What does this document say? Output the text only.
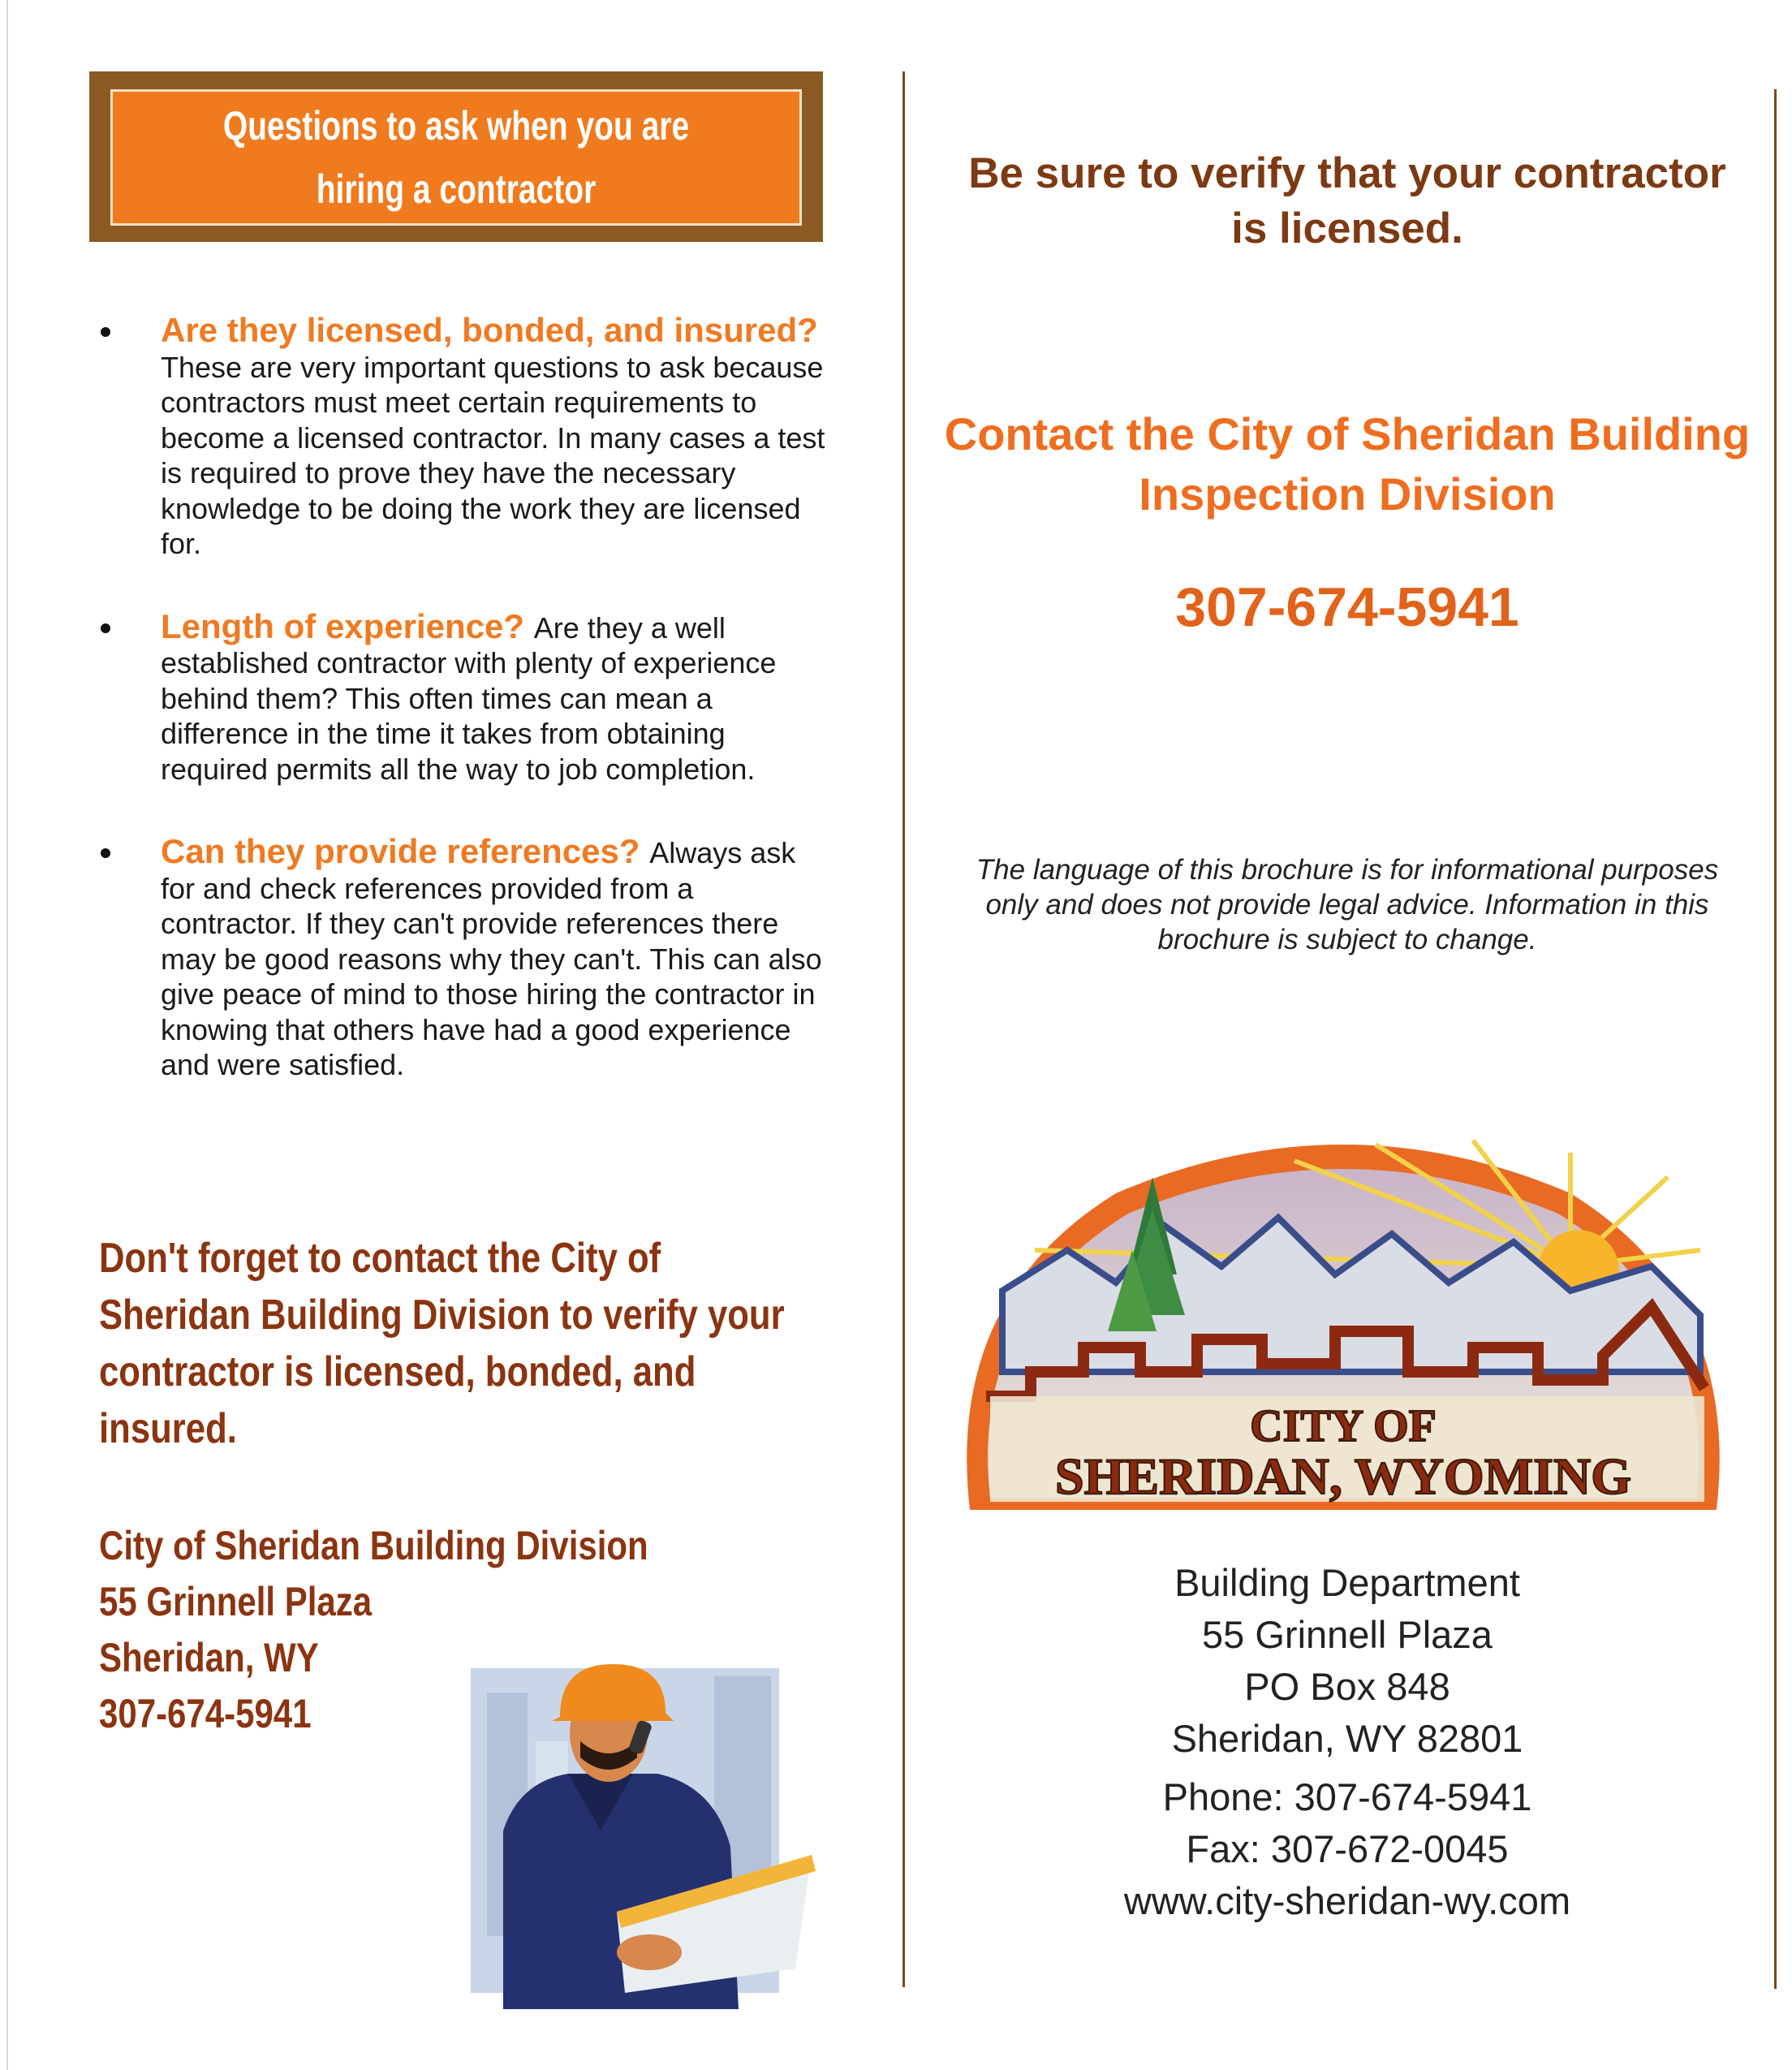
Questions to ask when you are hiring a contractor
Are they licensed, bonded, and insured? These are very important questions to ask because contractors must meet certain requirements to become a licensed contractor. In many cases a test is required to prove they have the necessary knowledge to be doing the work they are licensed for.
Length of experience? Are they a well established contractor with plenty of experience behind them? This often times can mean a difference in the time it takes from obtaining required permits all the way to job completion.
Can they provide references? Always ask for and check references provided from a contractor. If they can't provide references there may be good reasons why they can't. This can also give peace of mind to those hiring the contractor in knowing that others have had a good experience and were satisfied.
Don't forget to contact the City of Sheridan Building Division to verify your contractor is licensed, bonded, and insured.
City of Sheridan Building Division
55 Grinnell Plaza
Sheridan, WY
307-674-5941
Be sure to verify that your contractor is licensed.
Contact the City of Sheridan Building Inspection Division
307-674-5941
The language of this brochure is for informational purposes only and does not provide legal advice. Information in this brochure is subject to change.
CITY OF
SHERIDAN, WYOMING
Building Department
55 Grinnell Plaza
PO Box 848
Sheridan, WY 82801
Phone: 307-674-5941
Fax: 307-672-0045
www.city-sheridan-wy.com
